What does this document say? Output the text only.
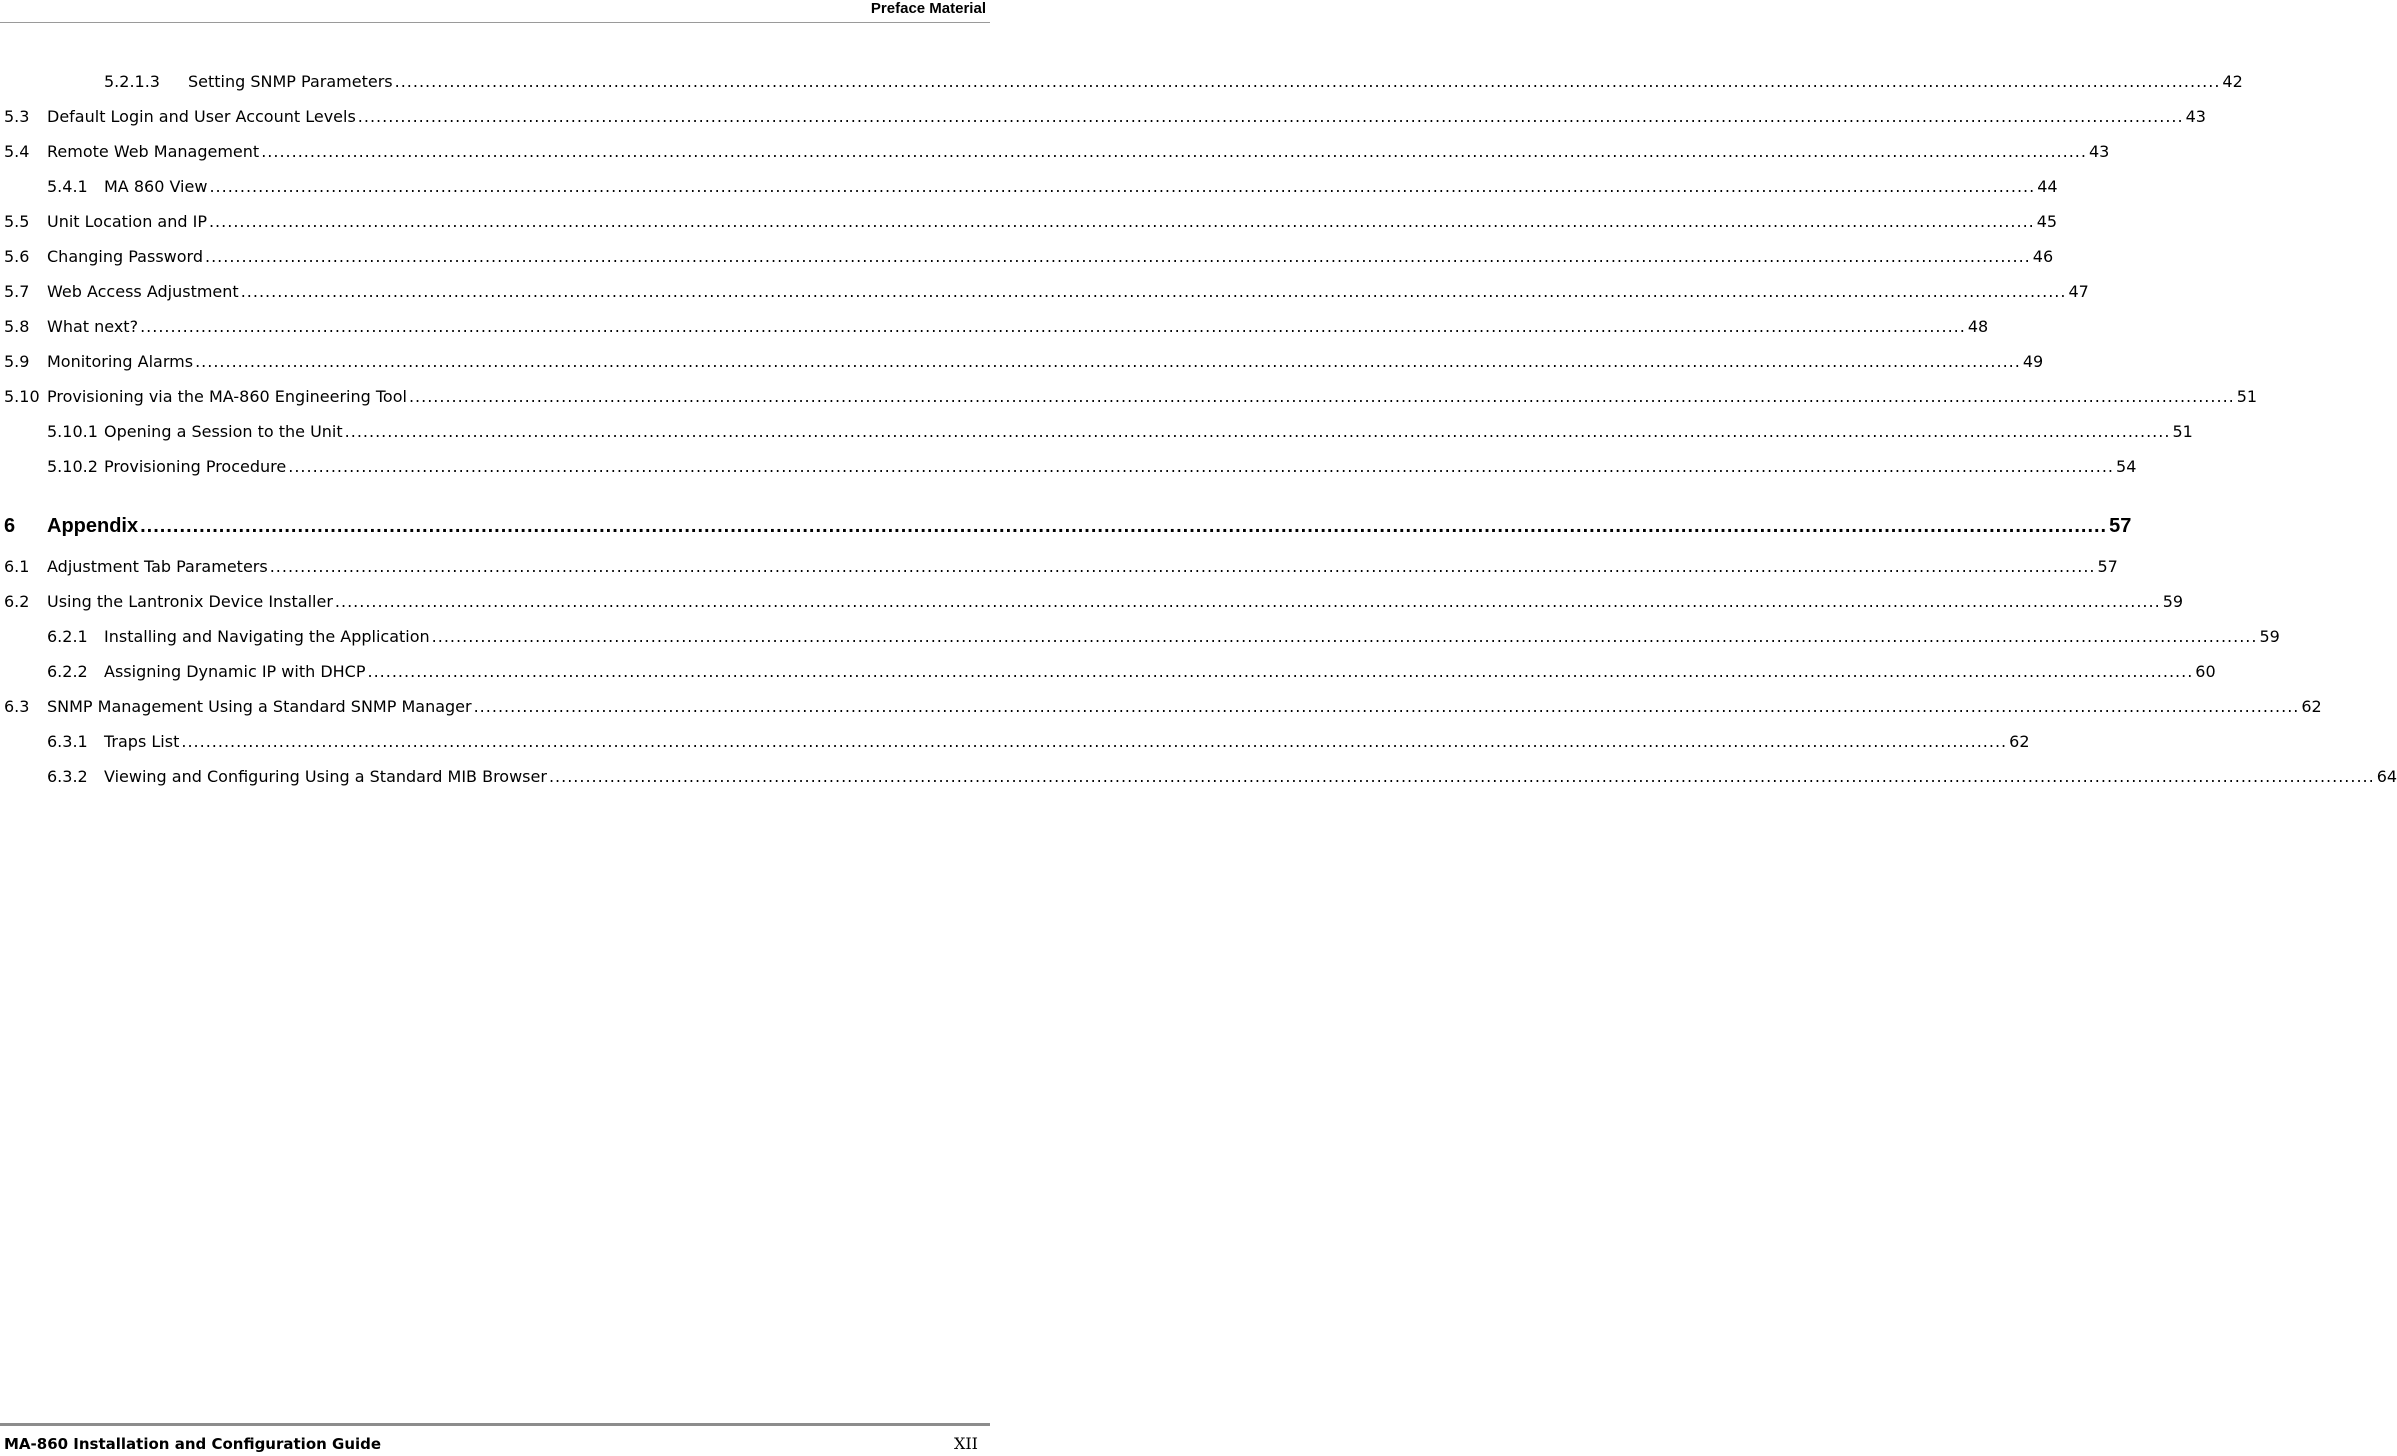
Preface Material
5.2.1.3	Setting SNMP Parameters ............................................................................................................................................................................................................................................................................................................ 42
5.3	Default Login and User Account Levels ............................................................................................................................................................................................................................................................................................................ 43
5.4	Remote Web Management ............................................................................................................................................................................................................................................................................................................ 43
5.4.1	MA 860 View ............................................................................................................................................................................................................................................................................................................ 44
5.5	Unit Location and IP ............................................................................................................................................................................................................................................................................................................ 45
5.6	Changing Password ............................................................................................................................................................................................................................................................................................................ 46
5.7	Web Access Adjustment ............................................................................................................................................................................................................................................................................................................ 47
5.8	What next? ............................................................................................................................................................................................................................................................................................................ 48
5.9	Monitoring Alarms ............................................................................................................................................................................................................................................................................................................ 49
5.10 Provisioning via the MA-860 Engineering Tool ............................................................................................................................................................................................................................................................................................................ 51
5.10.1 Opening a Session to the Unit ............................................................................................................................................................................................................................................................................................................ 51
5.10.2 Provisioning Procedure ............................................................................................................................................................................................................................................................................................................ 54
6	Appendix ............................................................................................................................................................................................................................................................................................................ 57
6.1	Adjustment Tab Parameters ............................................................................................................................................................................................................................................................................................................ 57
6.2	Using the Lantronix Device Installer ............................................................................................................................................................................................................................................................................................................ 59
6.2.1	Installing and Navigating the Application ............................................................................................................................................................................................................................................................................................................ 59
6.2.2	Assigning Dynamic IP with DHCP ............................................................................................................................................................................................................................................................................................................ 60
6.3	SNMP Management Using a Standard SNMP Manager ............................................................................................................................................................................................................................................................................................................ 62
6.3.1	Traps List ............................................................................................................................................................................................................................................................................................................ 62
6.3.2	Viewing and Configuring Using a Standard MIB Browser ............................................................................................................................................................................................................................................................................................................ 64
MA-860 Installation and Configuration Guide	XII
